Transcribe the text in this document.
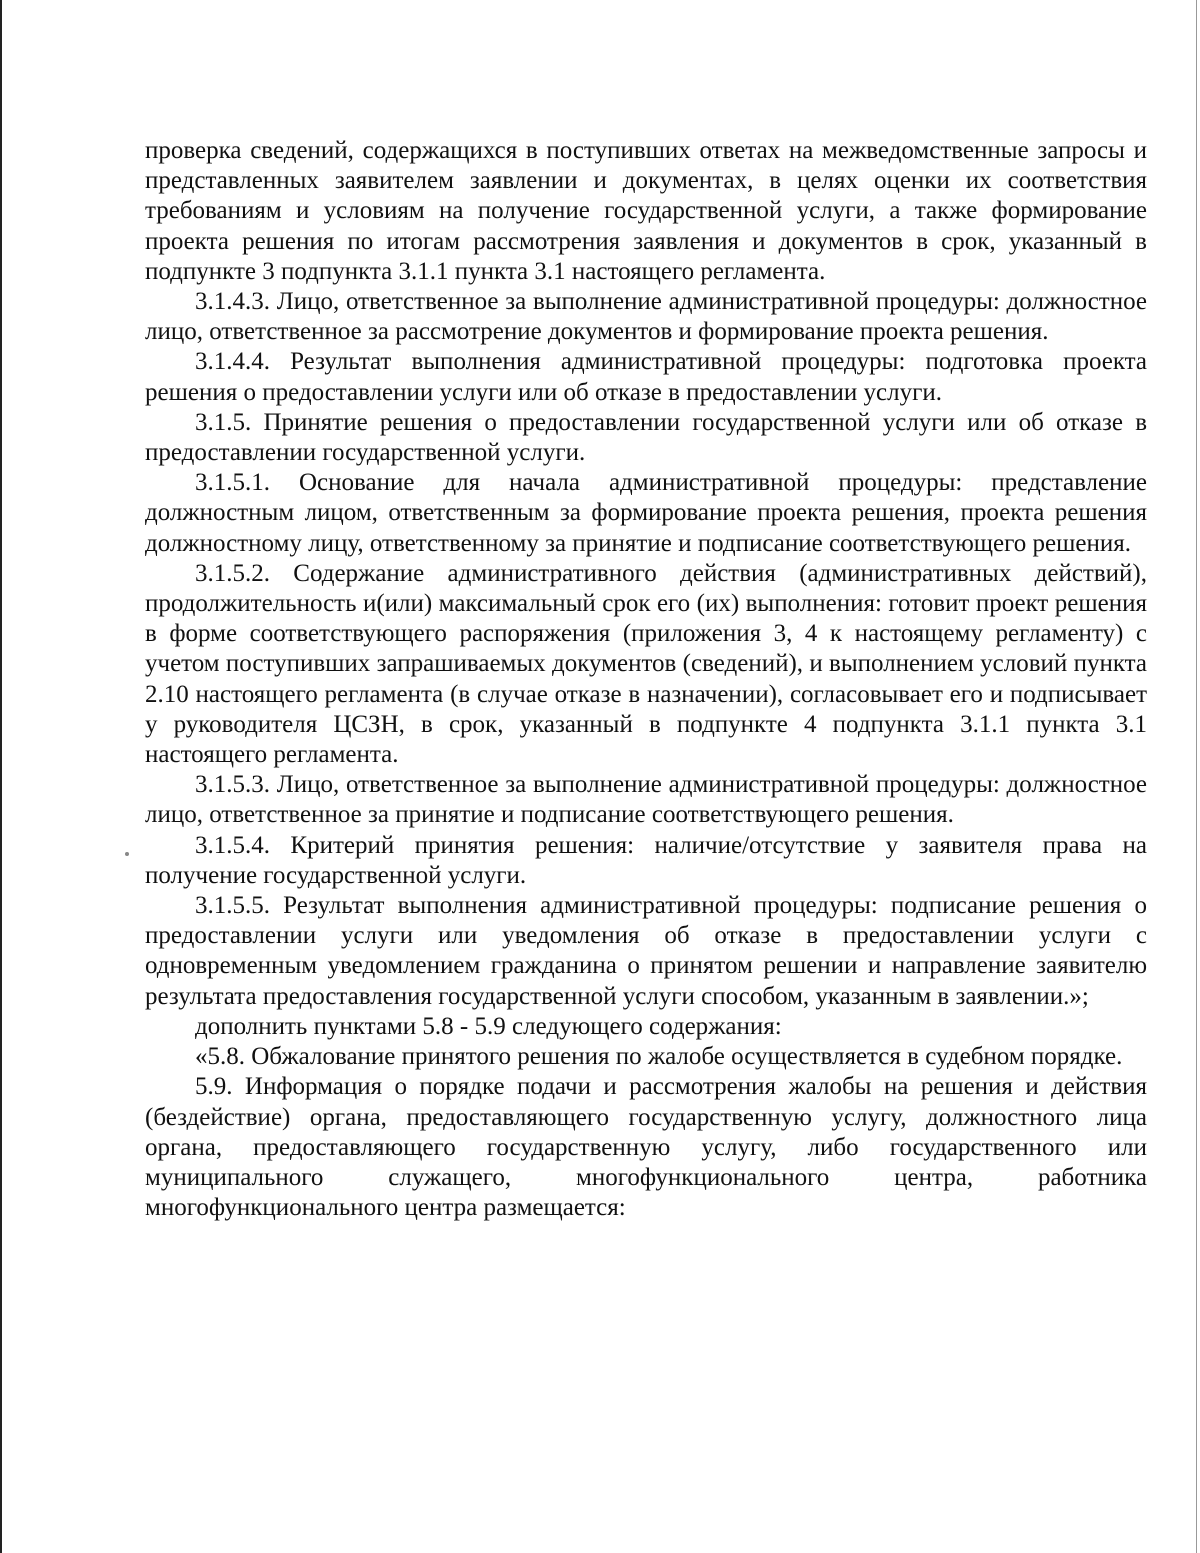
проверка сведений, содержащихся в поступивших ответах на межведомственные запросы и представленных заявителем заявлении и документах, в целях оценки их соответствия требованиям и условиям на получение государственной услуги, а также формирование проекта решения по итогам рассмотрения заявления и документов в срок, указанный в подпункте 3 подпункта 3.1.1 пункта 3.1 настоящего регламента.

3.1.4.3. Лицо, ответственное за выполнение административной процедуры: должностное лицо, ответственное за рассмотрение документов и формирование проекта решения.

3.1.4.4. Результат выполнения административной процедуры: подготовка проекта решения о предоставлении услуги или об отказе в предоставлении услуги.

3.1.5. Принятие решения о предоставлении государственной услуги или об отказе в предоставлении государственной услуги.

3.1.5.1. Основание для начала административной процедуры: представление должностным лицом, ответственным за формирование проекта решения, проекта решения должностному лицу, ответственному за принятие и подписание соответствующего решения.

3.1.5.2. Содержание административного действия (административных действий), продолжительность и(или) максимальный срок его (их) выполнения: готовит проект решения в форме соответствующего распоряжения (приложения 3, 4 к настоящему регламенту) с учетом поступивших запрашиваемых документов (сведений), и выполнением условий пункта 2.10 настоящего регламента (в случае отказе в назначении), согласовывает его и подписывает у руководителя ЦСЗН, в срок, указанный в подпункте 4 подпункта 3.1.1 пункта 3.1 настоящего регламента.

3.1.5.3. Лицо, ответственное за выполнение административной процедуры: должностное лицо, ответственное за принятие и подписание соответствующего решения.

3.1.5.4. Критерий принятия решения: наличие/отсутствие у заявителя права на получение государственной услуги.

3.1.5.5. Результат выполнения административной процедуры: подписание решения о предоставлении услуги или уведомления об отказе в предоставлении услуги с одновременным уведомлением гражданина о принятом решении и направление заявителю результата предоставления государственной услуги способом, указанным в заявлении.»;

дополнить пунктами 5.8 - 5.9 следующего содержания:

«5.8. Обжалование принятого решения по жалобе осуществляется в судебном порядке.

5.9. Информация о порядке подачи и рассмотрения жалобы на решения и действия (бездействие) органа, предоставляющего государственную услугу, должностного лица органа, предоставляющего государственную услугу, либо государственного или муниципального служащего, многофункционального центра, работника многофункционального центра размещается:
